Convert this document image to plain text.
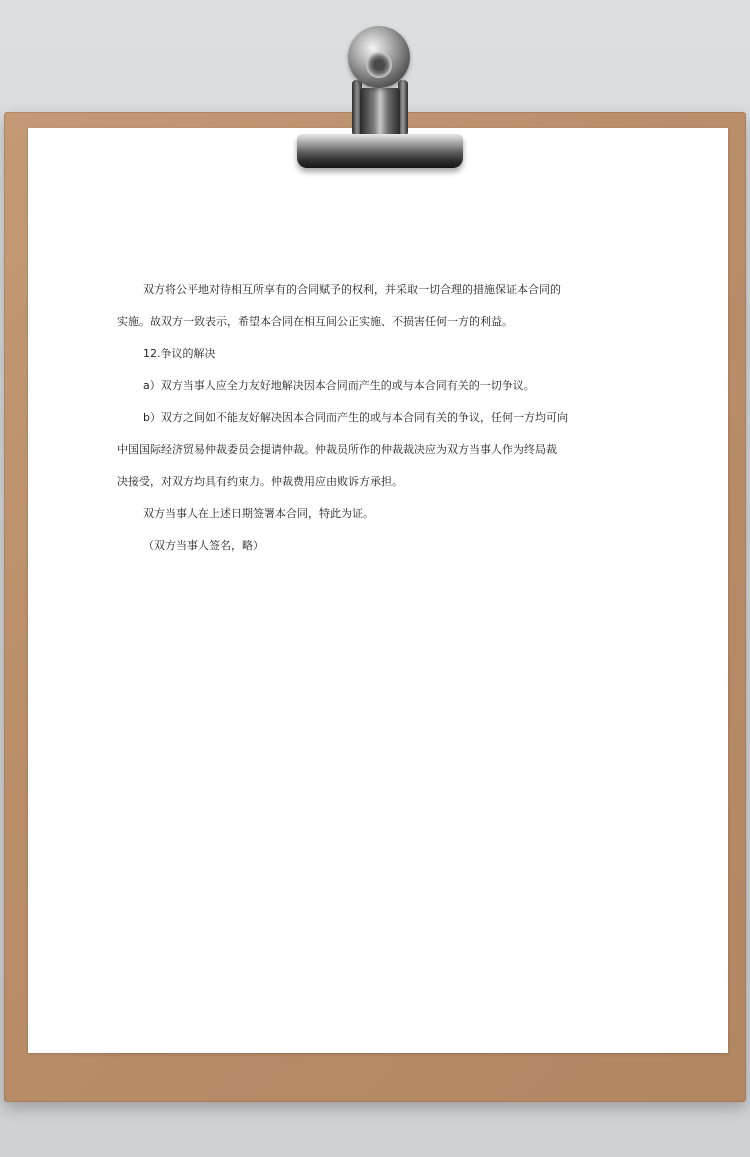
双方将公平地对待相互所享有的合同赋予的权利，并采取一切合理的措施保证本合同的
实施。故双方一致表示，希望本合同在相互间公正实施、不损害任何一方的利益。
12.争议的解决
a）双方当事人应全力友好地解决因本合同而产生的或与本合同有关的一切争议。
b）双方之间如不能友好解决因本合同而产生的或与本合同有关的争议，任何一方均可向
中国国际经济贸易仲裁委员会提请仲裁。仲裁员所作的仲裁裁决应为双方当事人作为终局裁
决接受，对双方均具有约束力。仲裁费用应由败诉方承担。
双方当事人在上述日期签署本合同，特此为证。
（双方当事人签名，略）
